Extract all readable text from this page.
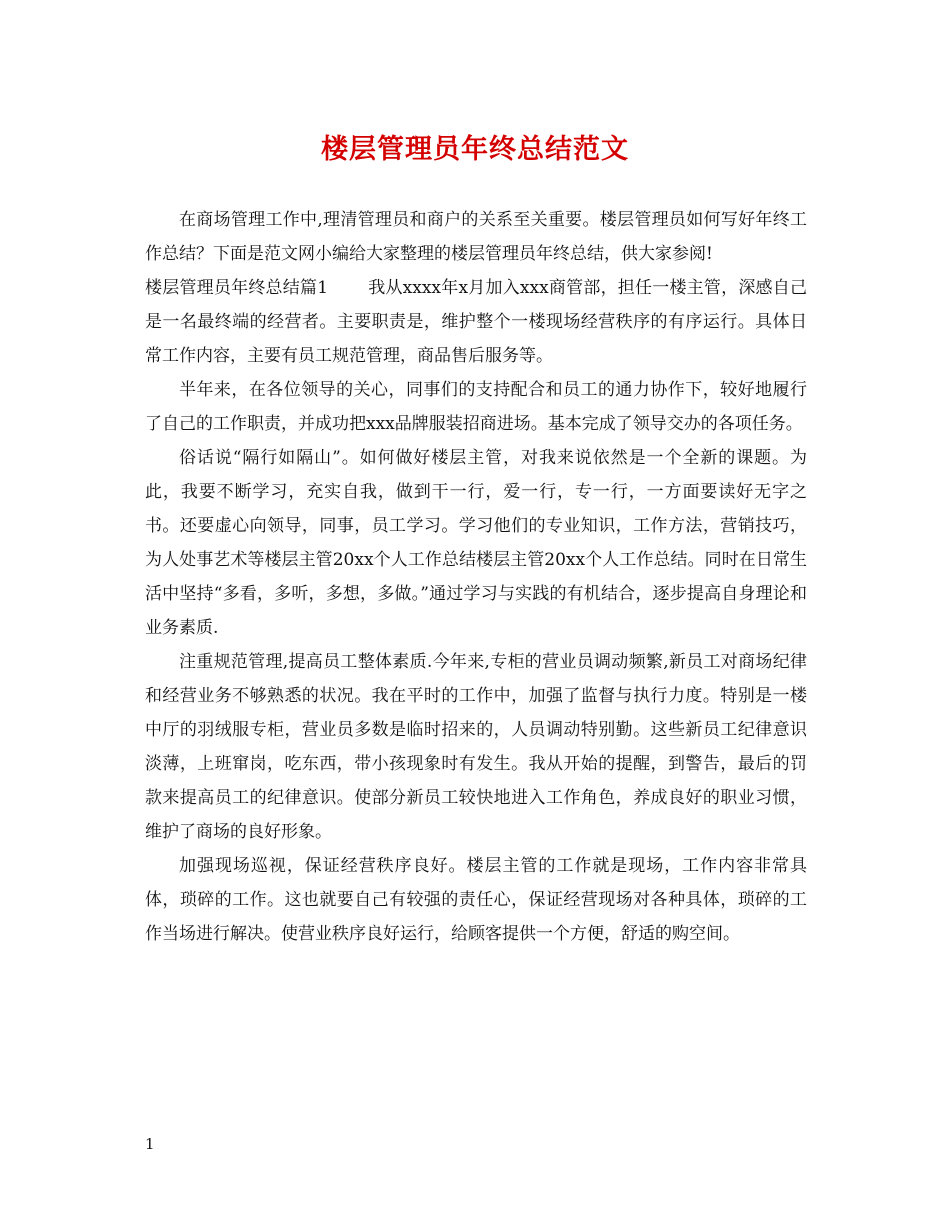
楼层管理员年终总结范文

在商场管理工作中,理清管理员和商户的关系至关重要。楼层管理员如何写好年终工作总结？下面是范文网小编给大家整理的楼层管理员年终总结，供大家参阅!

楼层管理员年终总结篇1 我从xxxx年x月加入xxx商管部，担任一楼主管，深感自己是一名最终端的经营者。主要职责是，维护整个一楼现场经营秩序的有序运行。具体日常工作内容，主要有员工规范管理，商品售后服务等。

半年来，在各位领导的关心，同事们的支持配合和员工的通力协作下，较好地履行了自己的工作职责，并成功把xxx品牌服装招商进场。基本完成了领导交办的各项任务。

俗话说“隔行如隔山”。如何做好楼层主管，对我来说依然是一个全新的课题。为此，我要不断学习，充实自我，做到干一行，爱一行，专一行，一方面要读好无字之书。还要虚心向领导，同事，员工学习。学习他们的专业知识，工作方法，营销技巧，为人处事艺术等楼层主管20xx个人工作总结楼层主管20xx个人工作总结。同时在日常生活中坚持“多看，多听，多想，多做。”通过学习与实践的有机结合，逐步提高自身理论和业务素质.

注重规范管理,提高员工整体素质.今年来,专柜的营业员调动频繁,新员工对商场纪律和经营业务不够熟悉的状况。我在平时的工作中，加强了监督与执行力度。特别是一楼中厅的羽绒服专柜，营业员多数是临时招来的，人员调动特别勤。这些新员工纪律意识淡薄，上班窜岗，吃东西，带小孩现象时有发生。我从开始的提醒，到警告，最后的罚款来提高员工的纪律意识。使部分新员工较快地进入工作角色，养成良好的职业习惯，维护了商场的良好形象。

加强现场巡视，保证经营秩序良好。楼层主管的工作就是现场，工作内容非常具体，琐碎的工作。这也就要自己有较强的责任心，保证经营现场对各种具体，琐碎的工作当场进行解决。使营业秩序良好运行，给顾客提供一个方便，舒适的购空间。

1
